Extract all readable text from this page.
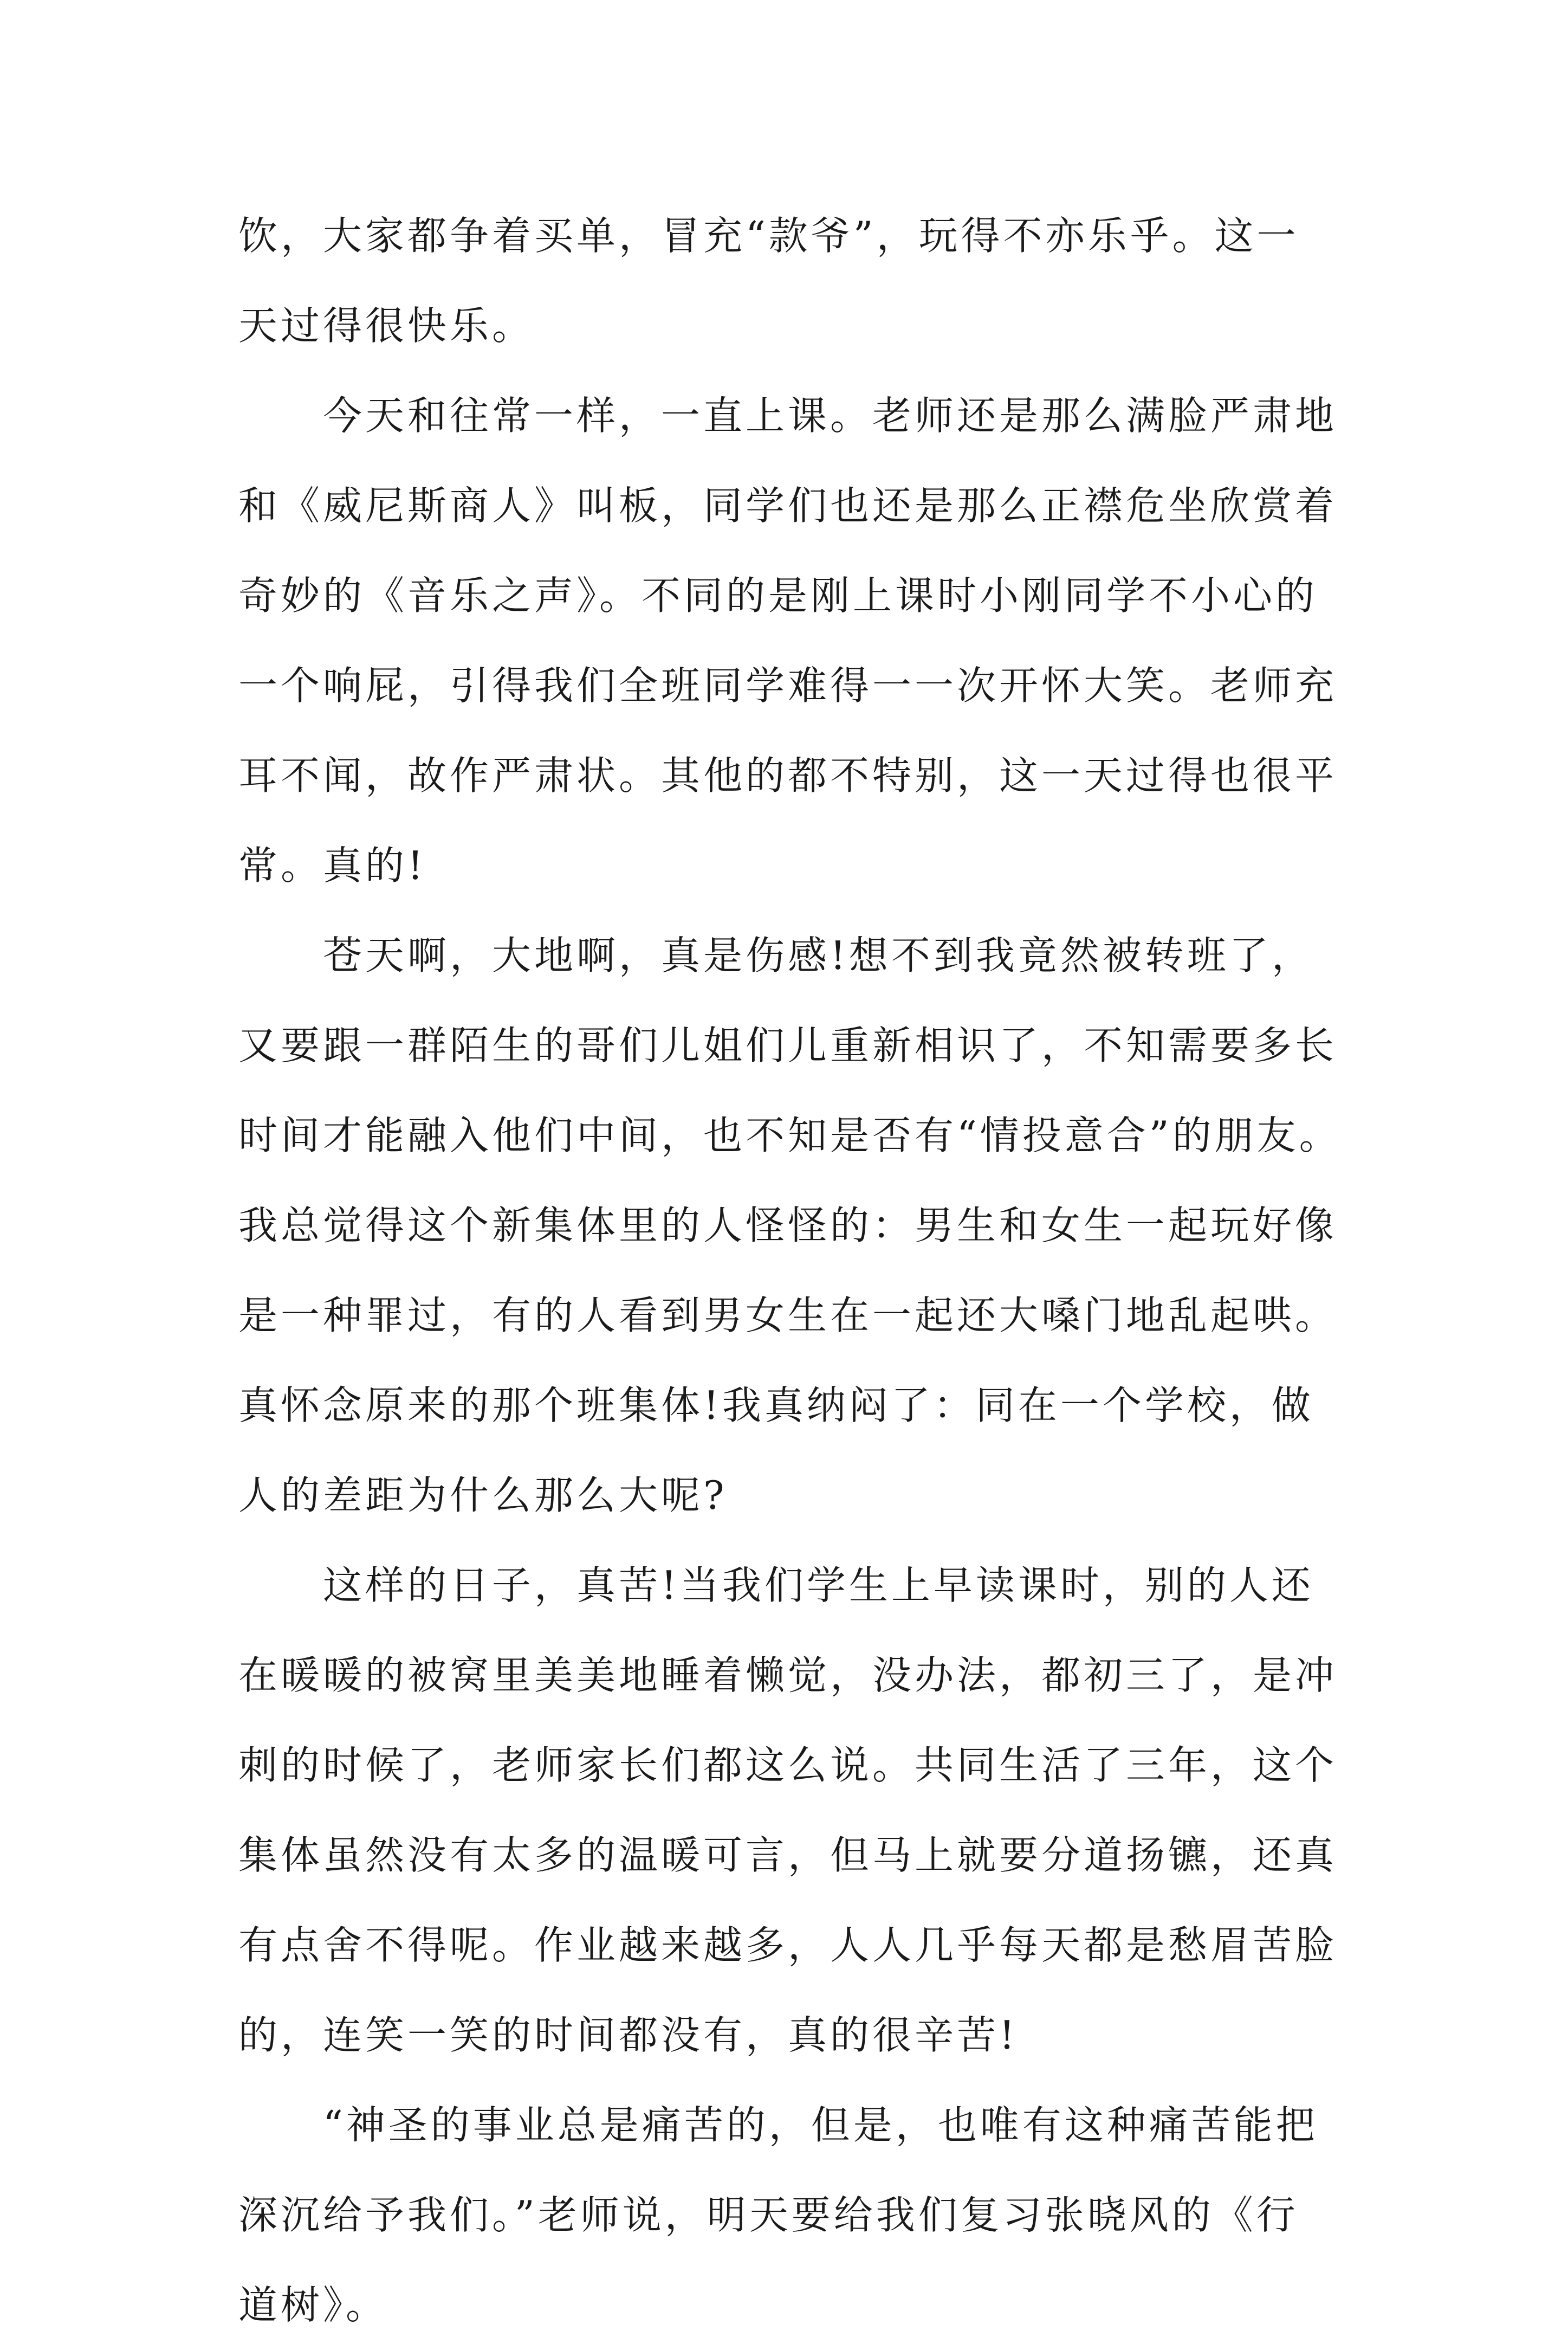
饮，大家都争着买单，冒充“款爷”，玩得不亦乐乎。这一
天过得很快乐。
　　今天和往常一样，一直上课。老师还是那么满脸严肃地
和《威尼斯商人》叫板，同学们也还是那么正襟危坐欣赏着
奇妙的《音乐之声》。不同的是刚上课时小刚同学不小心的
一个响屁，引得我们全班同学难得一一次开怀大笑。老师充
耳不闻，故作严肃状。其他的都不特别，这一天过得也很平
常。真的!
　　苍天啊，大地啊，真是伤感!想不到我竟然被转班了，
又要跟一群陌生的哥们儿姐们儿重新相识了，不知需要多长
时间才能融入他们中间，也不知是否有“情投意合”的朋友。
我总觉得这个新集体里的人怪怪的：男生和女生一起玩好像
是一种罪过，有的人看到男女生在一起还大嗓门地乱起哄。
真怀念原来的那个班集体!我真纳闷了：同在一个学校，做
人的差距为什么那么大呢?
　　这样的日子，真苦!当我们学生上早读课时，别的人还
在暖暖的被窝里美美地睡着懒觉，没办法，都初三了，是冲
刺的时候了，老师家长们都这么说。共同生活了三年，这个
集体虽然没有太多的温暖可言，但马上就要分道扬镳，还真
有点舍不得呢。作业越来越多，人人几乎每天都是愁眉苦脸
的，连笑一笑的时间都没有，真的很辛苦!
　　“神圣的事业总是痛苦的，但是，也唯有这种痛苦能把
深沉给予我们。”老师说，明天要给我们复习张晓风的《行
道树》。
